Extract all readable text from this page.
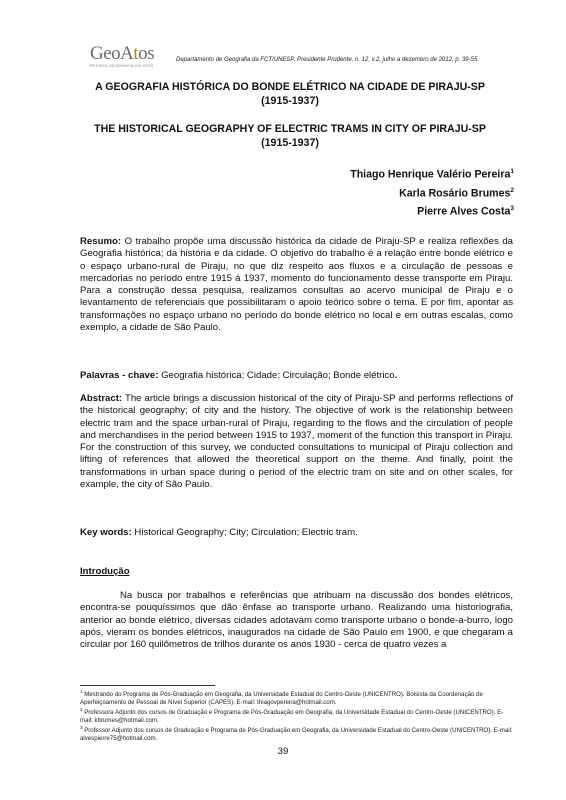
GeoAtos
REVISTA GEOGRAFIA EM ATOS
Departamento de Geografia da FCT/UNESP, Presidente Prudente, n. 12, v.2, julho a dezembro de 2012, p. 39-55.
A GEOGRAFIA HISTÓRICA DO BONDE ELÉTRICO NA CIDADE DE PIRAJU-SP (1915-1937)
THE HISTORICAL GEOGRAPHY OF ELECTRIC TRAMS IN CITY OF PIRAJU-SP (1915-1937)
Thiago Henrique Valério Pereira$^1$
Karla Rosário Brumes$^2$
Pierre Alves Costa$^3$

Resumo: O trabalho propõe uma discussão histórica da cidade de Piraju-SP e realiza reflexões da Geografia histórica; da história e da cidade. O objetivo do trabalho é a relação entre bonde elétrico e o espaço urbano-rural de Piraju, no que diz respeito aos fluxos e a circulação de pessoas e mercadorias no período entre 1915 á 1937, momento do funcionamento desse transporte em Piraju. Para a construção dessa pesquisa, realizamos consultas ao acervo municipal de Piraju e o levantamento de referenciais que possibilitaram o apoio teórico sobre o tema. E por fim, apontar as transformações no espaço urbano no período do bonde elétrico no local e em outras escalas, como exemplo, a cidade de São Paulo.

Palavras - chave: Geografia histórica; Cidade; Circulação; Bonde elétrico.

Abstract: The article brings a discussion historical of the city of Piraju-SP and performs reflections of the historical geography; of city and the history. The objective of work is the relationship between electric tram and the space urban-rural of Piraju, regarding to the flows and the circulation of people and merchandises in the period between 1915 to 1937, moment of the function this transport in Piraju. For the construction of this survey, we conducted consultations to municipal of Piraju collection and lifting of references that allowed the theoretical support on the theme. And finally, point the transformations in urban space during o period of the electric tram on site and on other scales, for example, the city of São Paulo.

Key words: Historical Geography; City; Circulation; Electric tram.

Introdução

Na busca por trabalhos e referências que atribuam na discussão dos bondes elétricos, encontra-se pouquíssimos que dão ênfase ao transporte urbano. Realizando uma historiografia, anterior ao bonde elétrico, diversas cidades adotavam como transporte urbano o bonde-a-burro, logo após, vieram os bondes elétricos, inaugurados na cidade de São Paulo em 1900, e que chegaram a circular por 160 quilômetros de trilhos durante os anos 1930 - cerca de quatro vezes a

$^1$ Mestrando do Programa de Pós-Graduação em Geografia, da Universidade Estadual do Centro-Oeste (UNICENTRO). Bolsista da Coordenação de Aperfeiçoamento de Pessoal de Nível Superior (CAPES). E-mail: thiagovpereira@hotmail.com.

$^2$ Professora Adjunto dos cursos de Graduação e Programa de Pós-Graduação em Geografia, da Universidade Estadual do Centro-Oeste (UNICENTRO). E-mail: kbrumes@hotmail.com.

$^3$ Professor Adjunto dos cursos de Graduação e Programa de Pós-Graduação em Geografia, da Universidade Estadual do Centro-Oeste (UNICENTRO). E-mail: alvespierre75@hotmail.com.

39
